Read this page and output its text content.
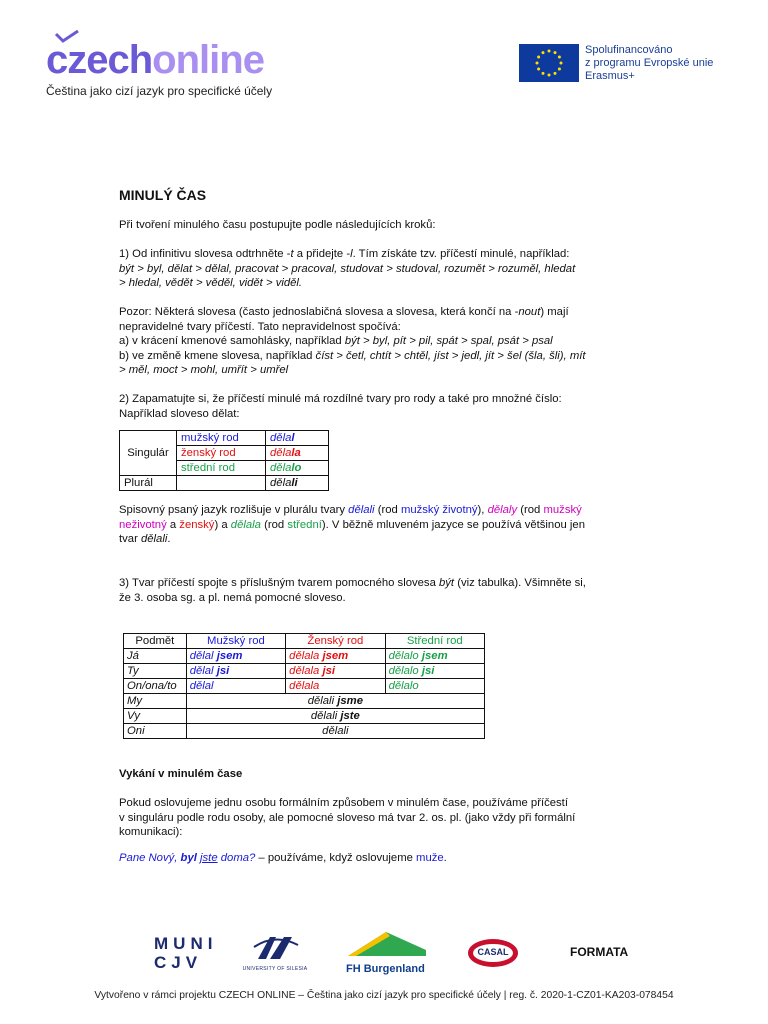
czechonline
Čeština jako cizí jazyk pro specifické účely
Spolufinancováno
z programu Evropské unie
Erasmus+
MINULÝ ČAS
Při tvoření minulého času postupujte podle následujících kroků:
1) Od infinitivu slovesa odtrhněte -t a přidejte -l. Tím získáte tzv. příčestí minulé, například:
být > byl, dělat > dělal, pracovat > pracoval, studovat > studoval, rozumět > rozuměl, hledat
> hledal, vědět > věděl, vidět > viděl.
Pozor: Některá slovesa (často jednoslabičná slovesa a slovesa, která končí na -nout) mají
nepravidelné tvary příčestí. Tato nepravidelnost spočívá:
a) v krácení kmenové samohlásky, například být > byl, pít > pil, spát > spal, psát > psal
b) ve změně kmene slovesa, například číst > četl, chtít > chtěl, jíst > jedl, jít > šel (šla, šli), mít
> měl, moct > mohl, umřít > umřel
2) Zapamatujte si, že příčestí minulé má rozdílné tvary pro rody a také pro množné číslo:
Například sloveso dělat:
Singulár	mužský rod	dělal
	ženský rod	dělala
	střední rod	dělalo
Plurál		dělali
Spisovný psaný jazyk rozlišuje v plurálu tvary dělali (rod mužský životný), dělaly (rod mužský
neživotný a ženský) a dělala (rod střední). V běžně mluveném jazyce se používá většinou jen
tvar dělali.
3) Tvar příčestí spojte s příslušným tvarem pomocného slovesa být (viz tabulka). Všimněte si,
že 3. osoba sg. a pl. nemá pomocné sloveso.
Podmět	Mužský rod	Ženský rod	Střední rod
Já	dělal jsem	dělala jsem	dělalo jsem
Ty	dělal jsi	dělala jsi	dělalo jsi
On/ona/to	dělal	dělala	dělalo
My	dělali jsme		
Vy	dělali jste		
Oni	dělali		
Vykání v minulém čase
Pokud oslovujeme jednu osobu formálním způsobem v minulém čase, používáme příčestí
v singuláru podle rodu osoby, ale pomocné sloveso má tvar 2. os. pl. (jako vždy při formální
komunikaci):
Pane Nový, byl jste doma? – používáme, když oslovujeme muže.
MUNI
CJV	UNIVERSITY OF SILESIA	FH Burgenland
CASAL	FORMATA
Vytvořeno v rámci projektu CZECH ONLINE – Čeština jako cizí jazyk pro specifické účely | reg. č. 2020-1-CZ01-KA203-078454
